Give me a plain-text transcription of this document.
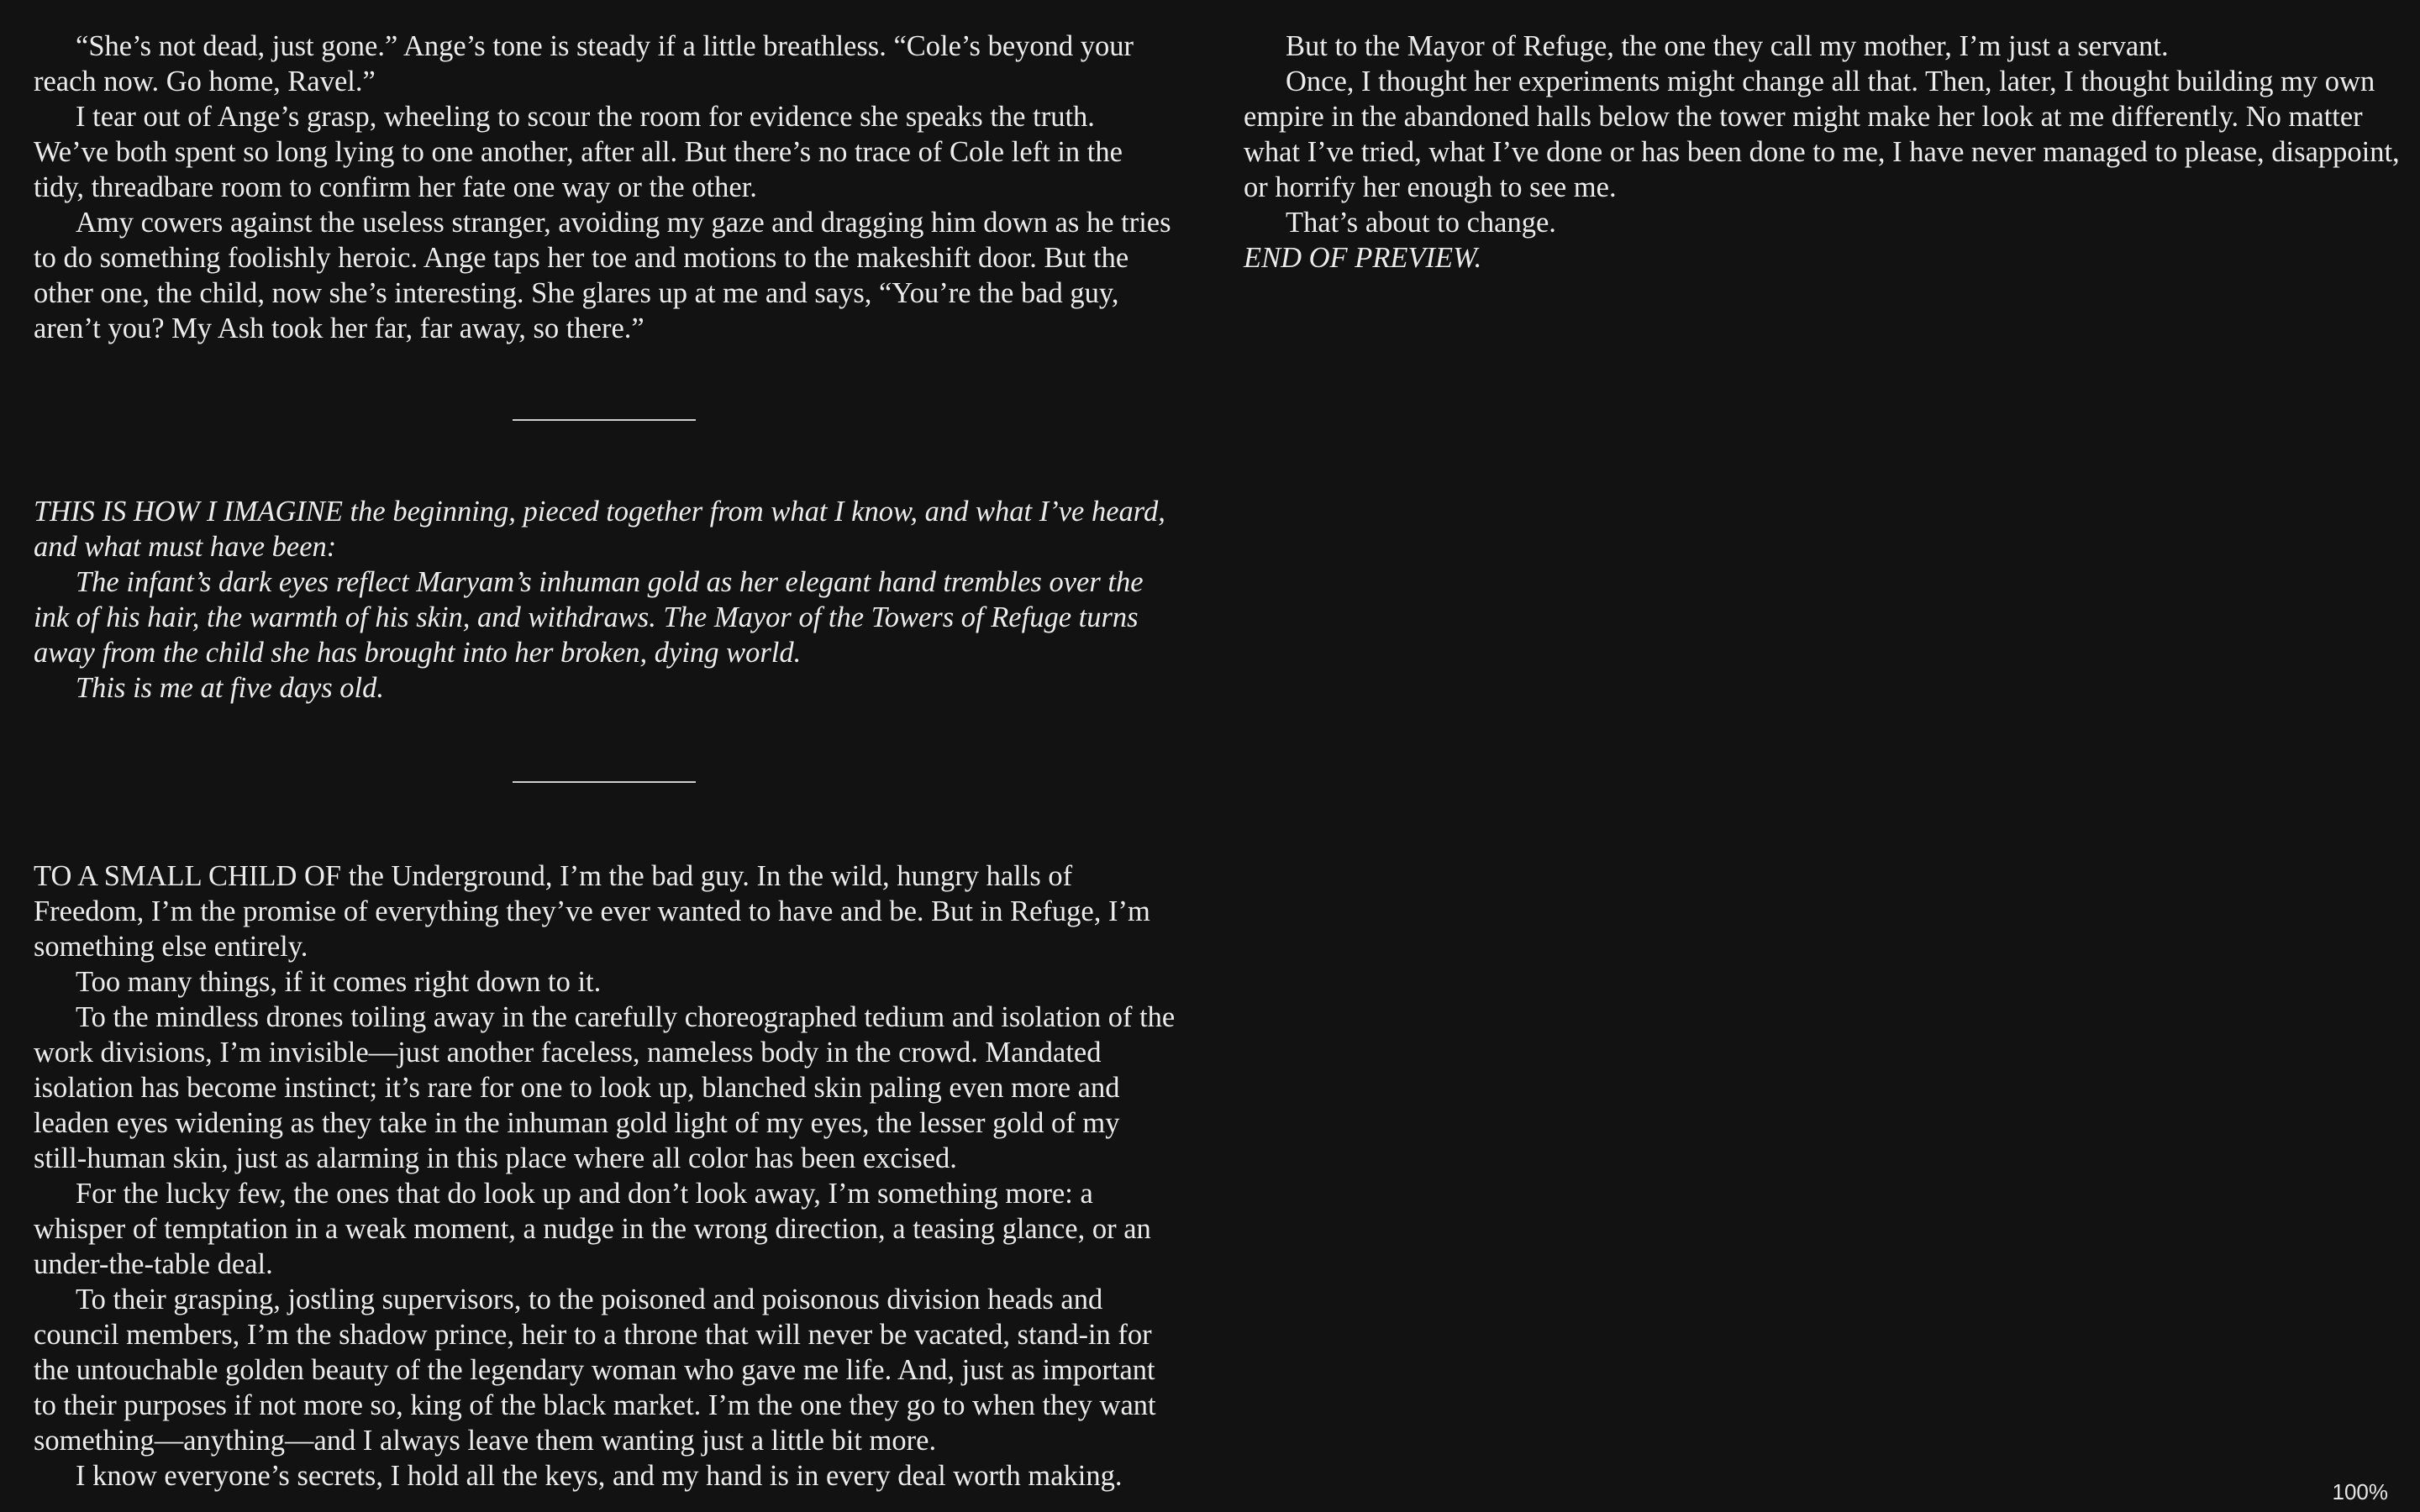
“She’s not dead, just gone.” Ange’s tone is steady if a little breathless. “Cole’s beyond your reach now. Go home, Ravel.”

I tear out of Ange’s grasp, wheeling to scour the room for evidence she speaks the truth. We’ve both spent so long lying to one another, after all. But there’s no trace of Cole left in the tidy, threadbare room to confirm her fate one way or the other.

Amy cowers against the useless stranger, avoiding my gaze and dragging him down as he tries to do something foolishly heroic. Ange taps her toe and motions to the makeshift door. But the other one, the child, now she’s interesting. She glares up at me and says, “You’re the bad guy, aren’t you? My Ash took her far, far away, so there.”

THIS IS HOW I IMAGINE the beginning, pieced together from what I know, and what I’ve heard, and what must have been:

The infant’s dark eyes reflect Maryam’s inhuman gold as her elegant hand trembles over the ink of his hair, the warmth of his skin, and withdraws. The Mayor of the Towers of Refuge turns away from the child she has brought into her broken, dying world.

This is me at five days old.

TO A SMALL CHILD OF the Underground, I’m the bad guy. In the wild, hungry halls of Freedom, I’m the promise of everything they’ve ever wanted to have and be. But in Refuge, I’m something else entirely.

Too many things, if it comes right down to it.

To the mindless drones toiling away in the carefully choreographed tedium and isolation of the work divisions, I’m invisible—just another faceless, nameless body in the crowd. Mandated isolation has become instinct; it’s rare for one to look up, blanched skin paling even more and leaden eyes widening as they take in the inhuman gold light of my eyes, the lesser gold of my still-human skin, just as alarming in this place where all color has been excised.

For the lucky few, the ones that do look up and don’t look away, I’m something more: a whisper of temptation in a weak moment, a nudge in the wrong direction, a teasing glance, or an under-the-table deal.

To their grasping, jostling supervisors, to the poisoned and poisonous division heads and council members, I’m the shadow prince, heir to a throne that will never be vacated, stand-in for the untouchable golden beauty of the legendary woman who gave me life. And, just as important to their purposes if not more so, king of the black market. I’m the one they go to when they want something—anything—and I always leave them wanting just a little bit more.

I know everyone’s secrets, I hold all the keys, and my hand is in every deal worth making.

But to the Mayor of Refuge, the one they call my mother, I’m just a servant.

Once, I thought her experiments might change all that. Then, later, I thought building my own empire in the abandoned halls below the tower might make her look at me differently. No matter what I’ve tried, what I’ve done or has been done to me, I have never managed to please, disappoint, or horrify her enough to see me.

That’s about to change.

END OF PREVIEW.

100%
